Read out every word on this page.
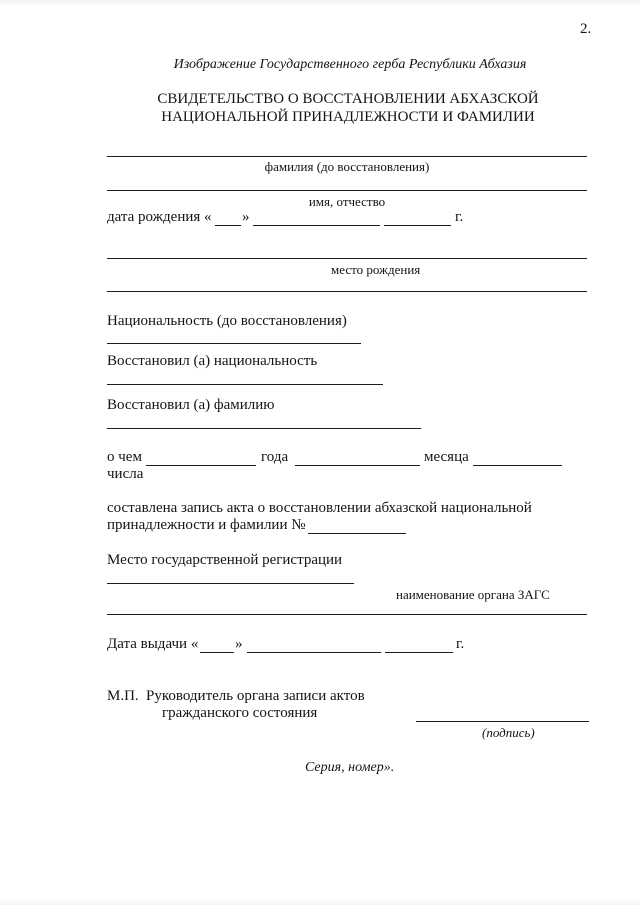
2.
Изображение Государственного герба Республики Абхазия
СВИДЕТЕЛЬСТВО О ВОССТАНОВЛЕНИИ АБХАЗСКОЙ
НАЦИОНАЛЬНОЙ ПРИНАДЛЕЖНОСТИ И ФАМИЛИИ
фамилия (до восстановления)
имя, отчество
дата рождения « »	г.
место рождения
Национальность (до восстановления)
Восстановил (а) национальность
Восстановил (а) фамилию
о чем	года	месяца
числа
составлена запись акта о восстановлении абхазской национальной
принадлежности и фамилии №
Место государственной регистрации
наименование органа ЗАГС
Дата выдачи « »	г.
М.П. Руководитель органа записи актов
гражданского состояния
(подпись)
Серия, номер».
